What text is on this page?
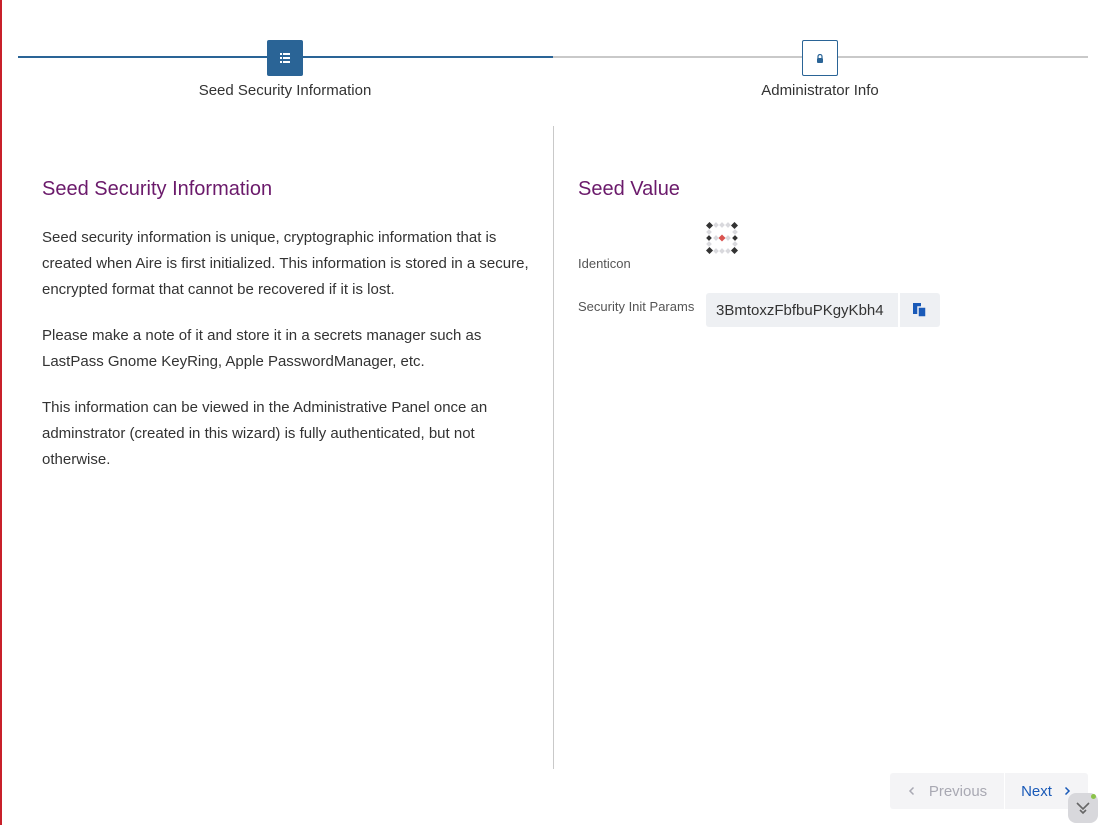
Seed Security Information	Administrator Info
Seed Security Information

Seed security information is unique, cryptographic information that is created when Aire is first initialized. This information is stored in a secure, encrypted format that cannot be recovered if it is lost.

Please make a note of it and store it in a secrets manager such as LastPass Gnome KeyRing, Apple PasswordManager, etc.

This information can be viewed in the Administrative Panel once an adminstrator (created in this wizard) is fully authenticated, but not otherwise.

Seed Value
Identicon
Security Init Params
3BmtoxzFbfbuPKgyKbh4
Previous Next
